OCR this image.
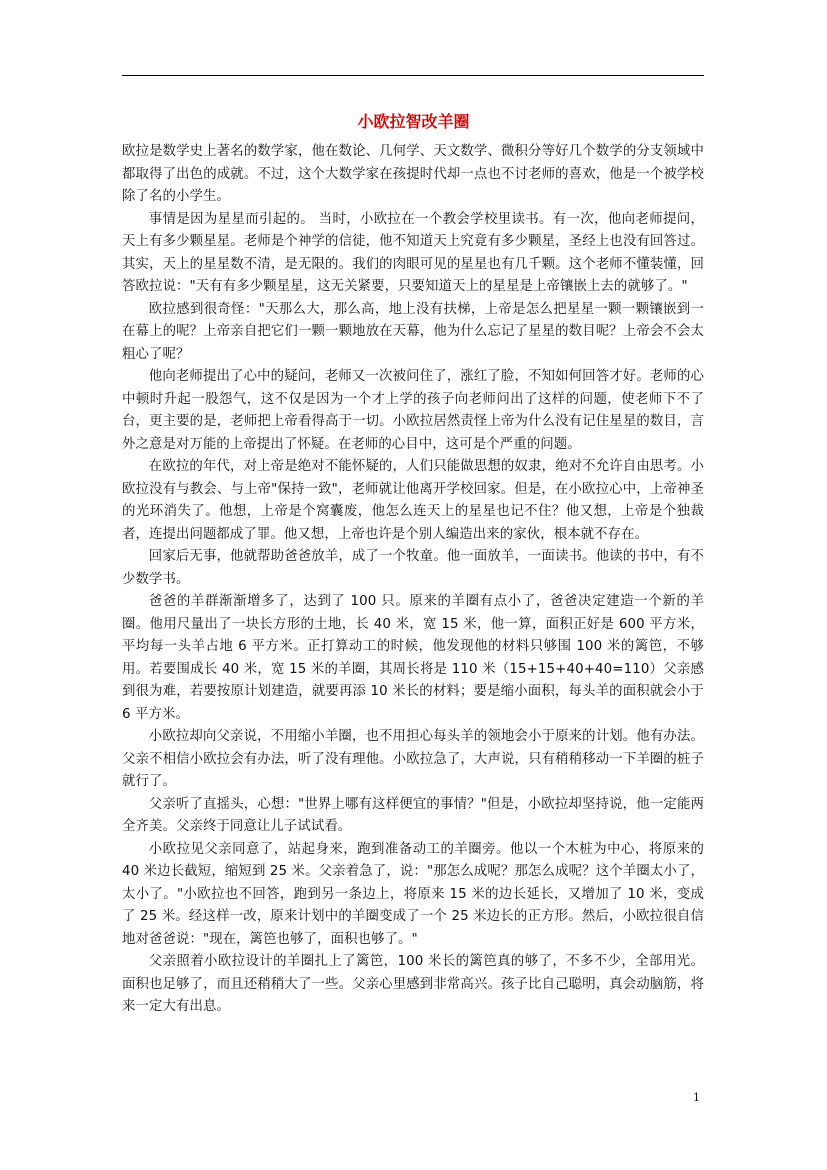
小欧拉智改羊圈

欧拉是数学史上著名的数学家，他在数论、几何学、天文数学、微积分等好几个数学的分支领域中都取得了出色的成就。不过，这个大数学家在孩提时代却一点也不讨老师的喜欢，他是一个被学校除了名的小学生。

事情是因为星星而引起的。 当时，小欧拉在一个教会学校里读书。有一次，他向老师提问，天上有多少颗星星。老师是个神学的信徒，他不知道天上究竟有多少颗星，圣经上也没有回答过。其实，天上的星星数不清，是无限的。我们的肉眼可见的星星也有几千颗。这个老师不懂装懂，回答欧拉说："天有有多少颗星星，这无关紧要，只要知道天上的星星是上帝镶嵌上去的就够了。"

欧拉感到很奇怪："天那么大，那么高，地上没有扶梯，上帝是怎么把星星一颗一颗镶嵌到一在幕上的呢？上帝亲自把它们一颗一颗地放在天幕，他为什么忘记了星星的数目呢？上帝会不会太粗心了呢？

他向老师提出了心中的疑问，老师又一次被问住了，涨红了脸，不知如何回答才好。老师的心中顿时升起一股怨气，这不仅是因为一个才上学的孩子向老师问出了这样的问题，使老师下不了台，更主要的是，老师把上帝看得高于一切。小欧拉居然责怪上帝为什么没有记住星星的数目，言外之意是对万能的上帝提出了怀疑。在老师的心目中，这可是个严重的问题。

在欧拉的年代，对上帝是绝对不能怀疑的，人们只能做思想的奴隶，绝对不允许自由思考。小欧拉没有与教会、与上帝"保持一致"，老师就让他离开学校回家。但是，在小欧拉心中，上帝神圣的光环消失了。他想，上帝是个窝囊废，他怎么连天上的星星也记不住？他又想，上帝是个独裁者，连提出问题都成了罪。他又想，上帝也许是个别人编造出来的家伙，根本就不存在。

回家后无事，他就帮助爸爸放羊，成了一个牧童。他一面放羊，一面读书。他读的书中，有不少数学书。

爸爸的羊群渐渐增多了，达到了 100 只。原来的羊圈有点小了，爸爸决定建造一个新的羊圈。他用尺量出了一块长方形的土地，长 40 米，宽 15 米，他一算，面积正好是 600 平方米，平均每一头羊占地 6 平方米。正打算动工的时候，他发现他的材料只够围 100 米的篱笆，不够用。若要围成长 40 米，宽 15 米的羊圈，其周长将是 110 米（15+15+40+40=110）父亲感到很为难，若要按原计划建造，就要再添 10 米长的材料；要是缩小面积，每头羊的面积就会小于 6 平方米。

小欧拉却向父亲说，不用缩小羊圈，也不用担心每头羊的领地会小于原来的计划。他有办法。父亲不相信小欧拉会有办法，听了没有理他。小欧拉急了，大声说，只有稍稍移动一下羊圈的桩子就行了。

父亲听了直摇头，心想："世界上哪有这样便宜的事情？"但是，小欧拉却坚持说，他一定能两全齐美。父亲终于同意让儿子试试看。

小欧拉见父亲同意了，站起身来，跑到准备动工的羊圈旁。他以一个木桩为中心，将原来的 40 米边长截短，缩短到 25 米。父亲着急了，说："那怎么成呢？那怎么成呢？这个羊圈太小了，太小了。"小欧拉也不回答，跑到另一条边上，将原来 15 米的边长延长，又增加了 10 米，变成了 25 米。经这样一改，原来计划中的羊圈变成了一个 25 米边长的正方形。然后，小欧拉很自信地对爸爸说："现在，篱笆也够了，面积也够了。"

父亲照着小欧拉设计的羊圈扎上了篱笆，100 米长的篱笆真的够了，不多不少，全部用光。面积也足够了，而且还稍稍大了一些。父亲心里感到非常高兴。孩子比自己聪明，真会动脑筋，将来一定大有出息。

1
